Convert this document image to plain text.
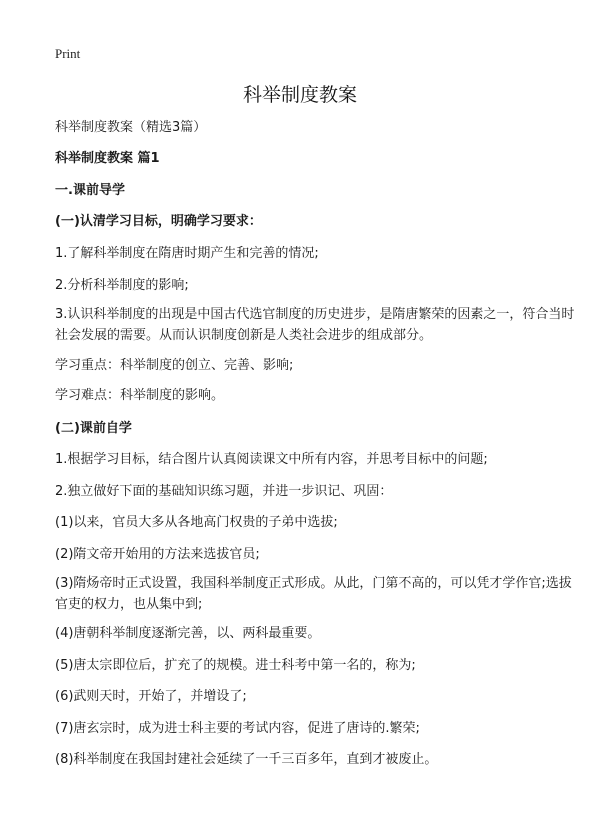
Print
科举制度教案
科举制度教案（精选3篇）
科举制度教案 篇1
一.课前导学
(一)认清学习目标，明确学习要求：
1.了解科举制度在隋唐时期产生和完善的情况;
2.分析科举制度的影响;
3.认识科举制度的出现是中国古代选官制度的历史进步，是隋唐繁荣的因素之一，符合当时社会发展的需要。从而认识制度创新是人类社会进步的组成部分。
学习重点：科举制度的创立、完善、影响;
学习难点：科举制度的影响。
(二)课前自学
1.根据学习目标，结合图片认真阅读课文中所有内容，并思考目标中的问题;
2.独立做好下面的基础知识练习题，并进一步识记、巩固：
(1)以来，官员大多从各地高门权贵的子弟中选拔;
(2)隋文帝开始用的方法来选拔官员;
(3)隋炀帝时正式设置，我国科举制度正式形成。从此，门第不高的，可以凭才学作官;选拔官吏的权力，也从集中到;
(4)唐朝科举制度逐渐完善，以、两科最重要。
(5)唐太宗即位后，扩充了的规模。进士科考中第一名的，称为;
(6)武则天时，开始了，并增设了;
(7)唐玄宗时，成为进士科主要的考试内容，促进了唐诗的.繁荣;
(8)科举制度在我国封建社会延续了一千三百多年，直到才被废止。
